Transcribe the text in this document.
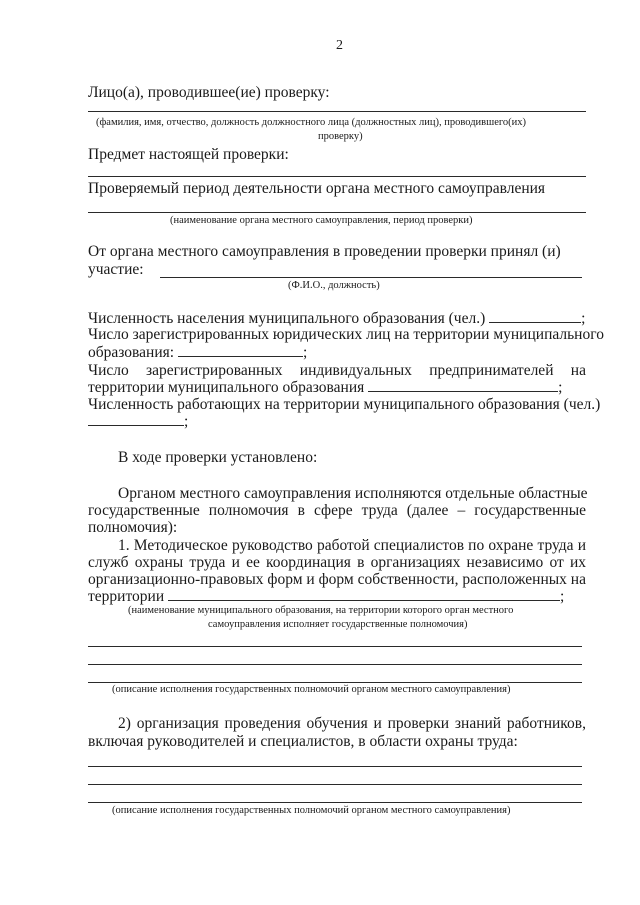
2
Лицо(а), проводившее(ие) проверку:
(фамилия, имя, отчество, должность должностного лица (должностных лиц), проводившего(их)
проверку)
Предмет настоящей проверки:
Проверяемый период деятельности органа местного самоуправления
(наименование органа местного самоуправления, период проверки)
От органа местного самоуправления в проведении проверки принял (и)
участие:
(Ф.И.О., должность)
Численность населения муниципального образования (чел.)	;
Число зарегистрированных юридических лиц на территории муниципального
образования:	;
Число зарегистрированных индивидуальных предпринимателей на
территории муниципального образования	;
Численность работающих на территории муниципального образования (чел.)
;
В ходе проверки установлено:
Органом местного самоуправления исполняются отдельные областные
государственные полномочия в сфере труда (далее – государственные
полномочия):
1. Методическое руководство работой специалистов по охране труда и
служб охраны труда и ее координация в организациях независимо от их
организационно-правовых форм и форм собственности, расположенных на
территории	;
(наименование муниципального образования, на территории которого орган местного
самоуправления исполняет государственные полномочия)
(описание исполнения государственных полномочий органом местного самоуправления)
2) организация проведения обучения и проверки знаний работников,
включая руководителей и специалистов, в области охраны труда:
(описание исполнения государственных полномочий органом местного самоуправления)
